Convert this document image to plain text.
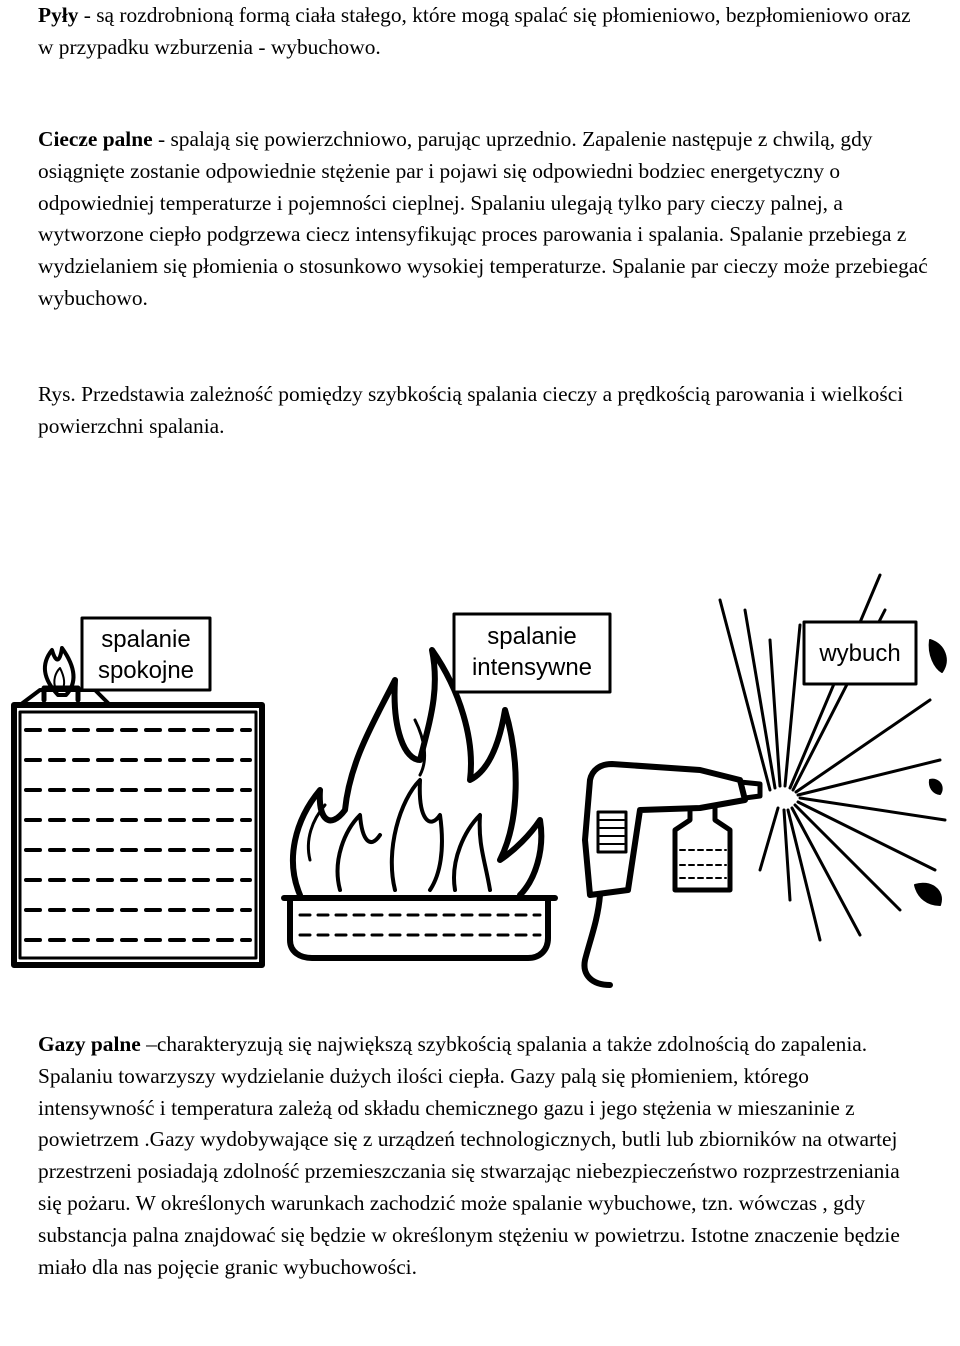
Pyły - są rozdrobnioną formą ciała stałego, które mogą spalać się płomieniowo, bezpłomieniowo oraz w przypadku wzburzenia - wybuchowo.

Ciecze palne - spalają się powierzchniowo, parując uprzednio. Zapalenie następuje z chwilą, gdy osiągnięte zostanie odpowiednie stężenie par i pojawi się odpowiedni bodziec energetyczny o odpowiedniej temperaturze i pojemności cieplnej. Spalaniu ulegają tylko pary cieczy palnej, a wytworzone ciepło podgrzewa ciecz intensyfikując proces parowania i spalania. Spalanie przebiega z wydzielaniem się płomienia o stosunkowo wysokiej temperaturze. Spalanie par cieczy może przebiegać wybuchowo.

Rys. Przedstawia zależność pomiędzy szybkością spalania cieczy a prędkością parowania i wielkości powierzchni spalania.

spalanie
spokojne
spalanie
intensywne
wybuch

Gazy palne –charakteryzują się największą szybkością spalania a także zdolnością do zapalenia. Spalaniu towarzyszy wydzielanie dużych ilości ciepła. Gazy palą się płomieniem, którego intensywność i temperatura zależą od składu chemicznego gazu i jego stężenia w mieszaninie z powietrzem .Gazy wydobywające się z urządzeń technologicznych, butli lub zbiorników na otwartej przestrzeni posiadają zdolność przemieszczania się stwarzając niebezpieczeństwo rozprzestrzeniania się pożaru. W określonych warunkach zachodzić może spalanie wybuchowe, tzn. wówczas , gdy substancja palna znajdować się będzie w określonym stężeniu w powietrzu. Istotne znaczenie będzie miało dla nas pojęcie granic wybuchowości.
